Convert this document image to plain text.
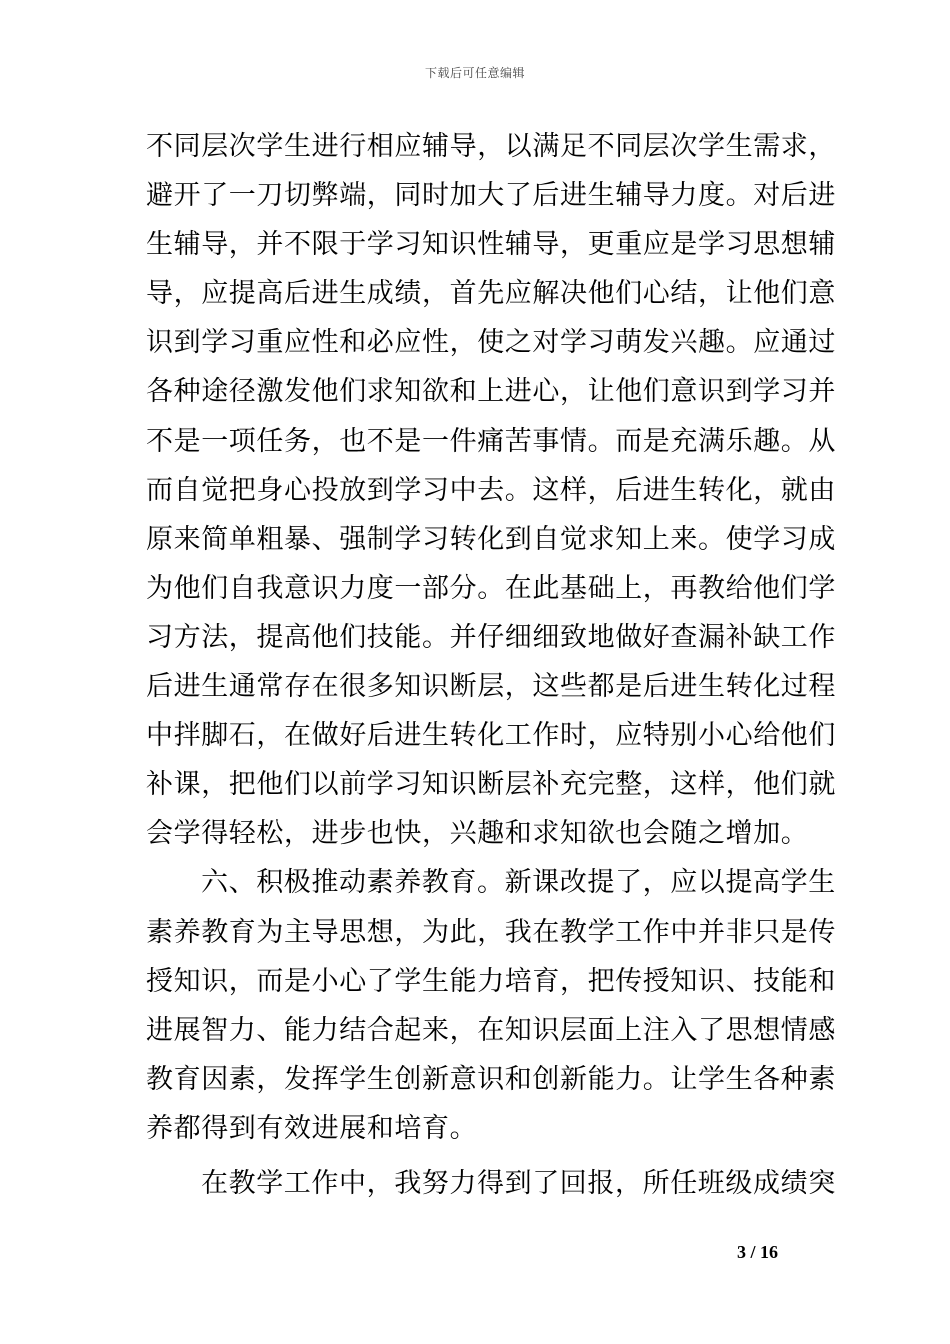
下载后可任意编辑
不同层次学生进行相应辅导，以满足不同层次学生需求，
避开了一刀切弊端，同时加大了后进生辅导力度。对后进
生辅导，并不限于学习知识性辅导，更重应是学习思想辅
导，应提高后进生成绩，首先应解决他们心结，让他们意
识到学习重应性和必应性，使之对学习萌发兴趣。应通过
各种途径激发他们求知欲和上进心，让他们意识到学习并
不是一项任务，也不是一件痛苦事情。而是充满乐趣。从
而自觉把身心投放到学习中去。这样，后进生转化，就由
原来简单粗暴、强制学习转化到自觉求知上来。使学习成
为他们自我意识力度一部分。在此基础上，再教给他们学
习方法，提高他们技能。并仔细细致地做好查漏补缺工作
后进生通常存在很多知识断层，这些都是后进生转化过程
中拌脚石，在做好后进生转化工作时，应特别小心给他们
补课，把他们以前学习知识断层补充完整，这样，他们就
会学得轻松，进步也快，兴趣和求知欲也会随之增加。
六、积极推动素养教育。新课改提了，应以提高学生
素养教育为主导思想，为此，我在教学工作中并非只是传
授知识，而是小心了学生能力培育，把传授知识、技能和
进展智力、能力结合起来，在知识层面上注入了思想情感
教育因素，发挥学生创新意识和创新能力。让学生各种素
养都得到有效进展和培育。
在教学工作中，我努力得到了回报，所任班级成绩突
3 / 16
